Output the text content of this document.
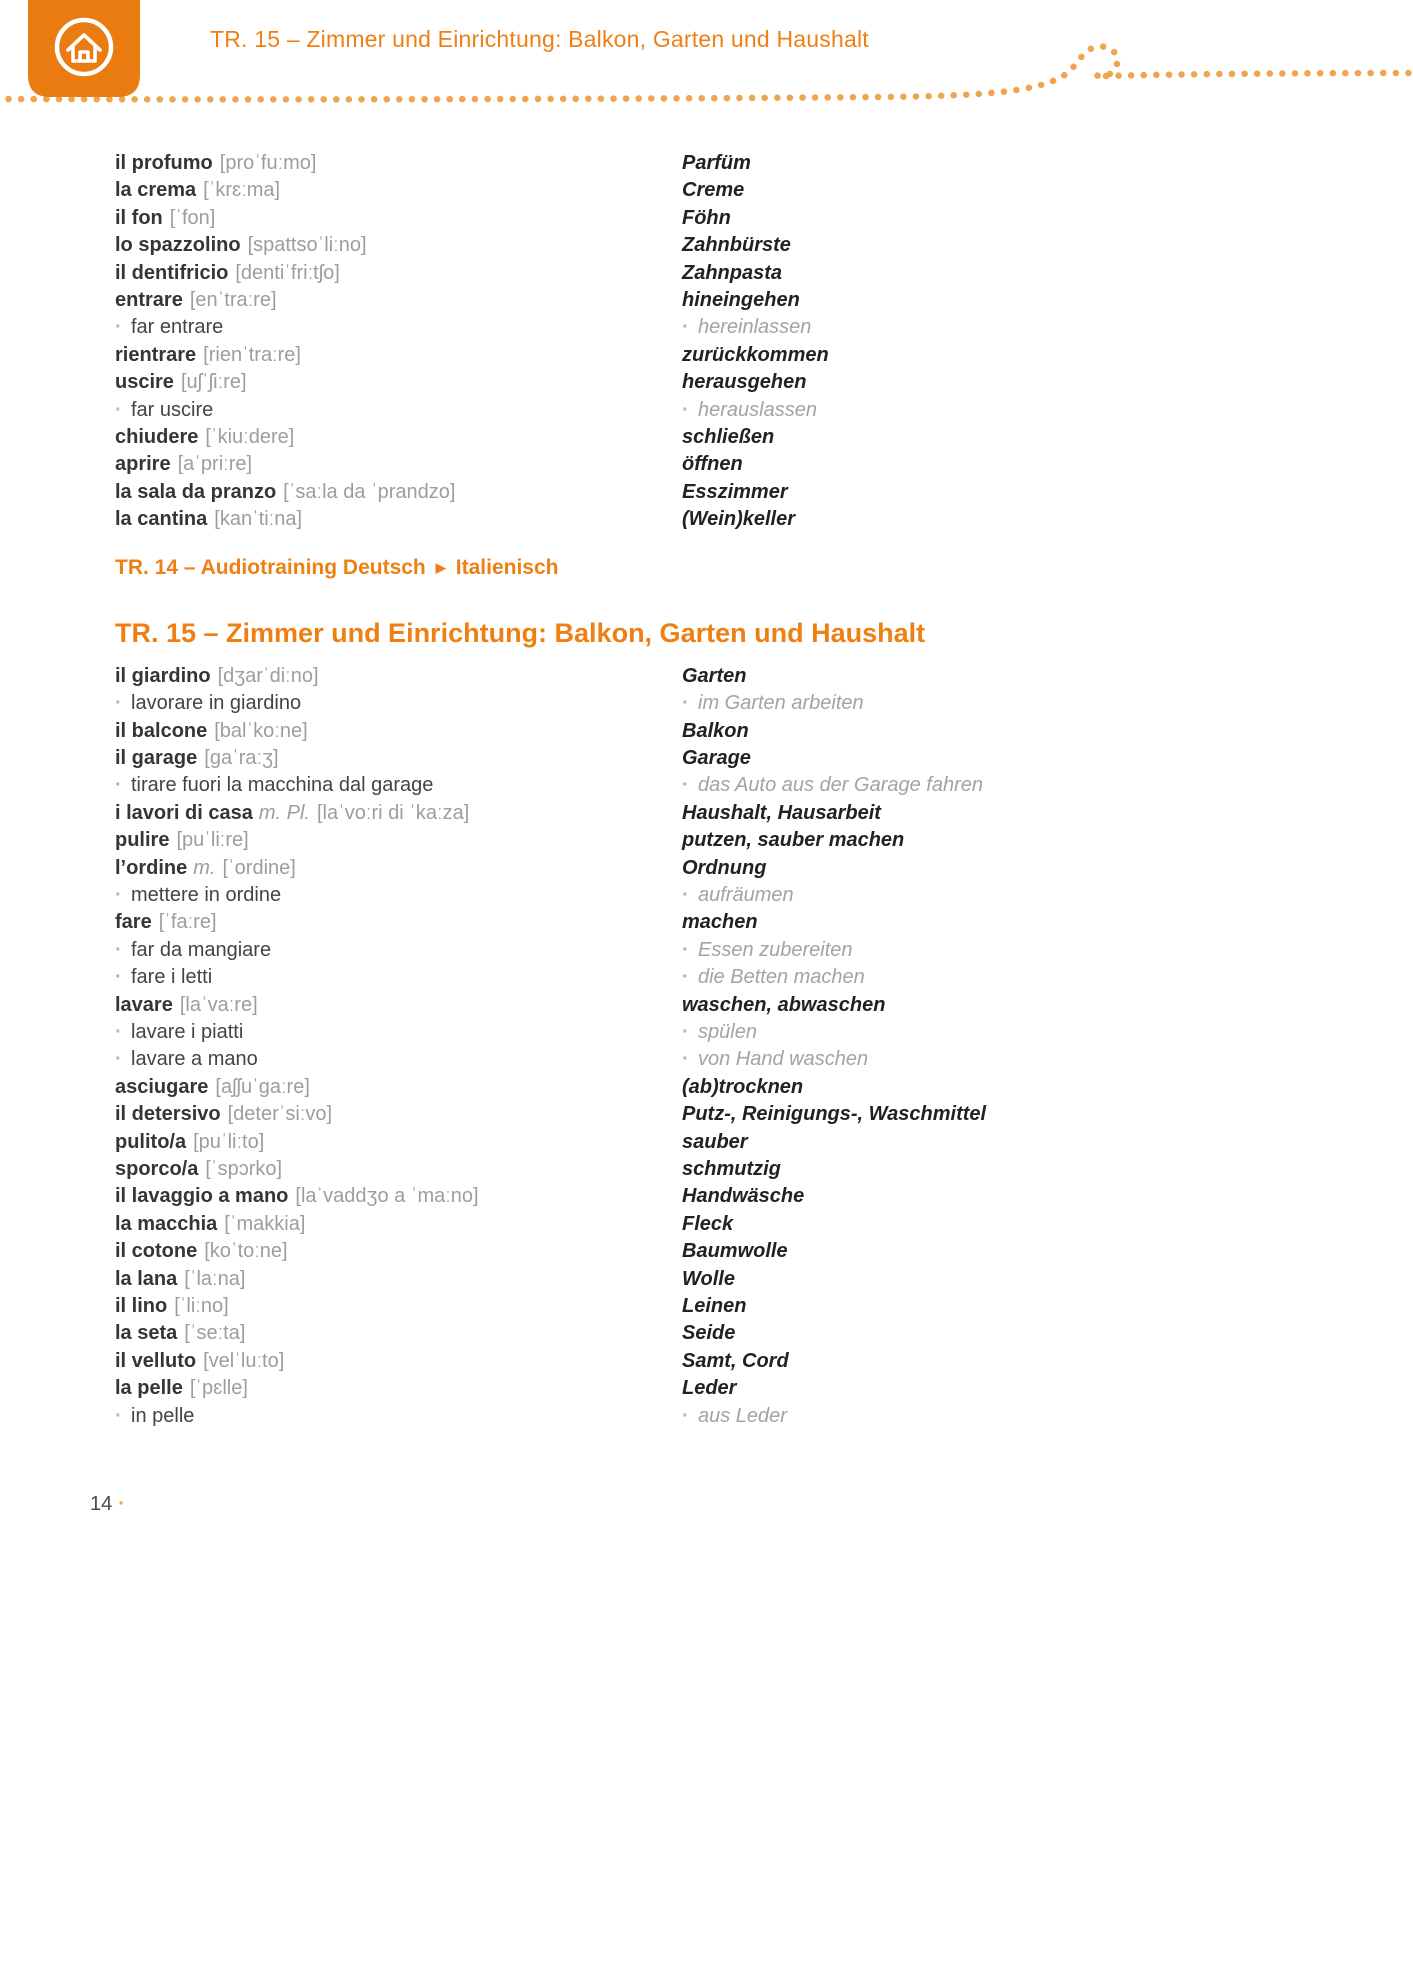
TR. 15 – Zimmer und Einrichtung: Balkon, Garten und Haushalt
il profumo [proˈfuːmo]	Parfüm
la crema [ˈkrɛːma]	Creme
il fon [ˈfon]	Föhn
lo spazzolino [spattsoˈliːno]	Zahnbürste
il dentifricio [dentiˈfriːtʃo]	Zahnpasta
entrare [enˈtraːre]	hineingehen
· far entrare	· hereinlassen
rientrare [rienˈtraːre]	zurückkommen
uscire [uʃˈʃiːre]	herausgehen
· far uscire	· herauslassen
chiudere [ˈkiuːdere]	schließen
aprire [aˈpriːre]	öffnen
la sala da pranzo [ˈsaːla da ˈprandzo]	Esszimmer
la cantina [kanˈtiːna]	(Wein)keller
TR. 14 – Audiotraining Deutsch ▶ Italienisch
TR. 15 – Zimmer und Einrichtung: Balkon, Garten und Haushalt
il giardino [dʒarˈdiːno]	Garten
· lavorare in giardino	· im Garten arbeiten
il balcone [balˈkoːne]	Balkon
il garage [gaˈraːʒ]	Garage
· tirare fuori la macchina dal garage	· das Auto aus der Garage fahren
i lavori di casa m. Pl. [laˈvoːri di ˈkaːza]	Haushalt, Hausarbeit
pulire [puˈliːre]	putzen, sauber machen
l’ordine m. [ˈordine]	Ordnung
· mettere in ordine	· aufräumen
fare [ˈfaːre]	machen
· far da mangiare	· Essen zubereiten
· fare i letti	· die Betten machen
lavare [laˈvaːre]	waschen, abwaschen
· lavare i piatti	· spülen
· lavare a mano	· von Hand waschen
asciugare [aʃʃuˈgaːre]	(ab)trocknen
il detersivo [deterˈsiːvo]	Putz-, Reinigungs-, Waschmittel
pulito/a [puˈliːto]	sauber
sporco/a [ˈspɔrko]	schmutzig
il lavaggio a mano [laˈvaddʒo a ˈmaːno]	Handwäsche
la macchia [ˈmakkia]	Fleck
il cotone [koˈtoːne]	Baumwolle
la lana [ˈlaːna]	Wolle
il lino [ˈliːno]	Leinen
la seta [ˈseːta]	Seide
il velluto [velˈluːto]	Samt, Cord
la pelle [ˈpɛlle]	Leder
· in pelle	· aus Leder
14 ·
